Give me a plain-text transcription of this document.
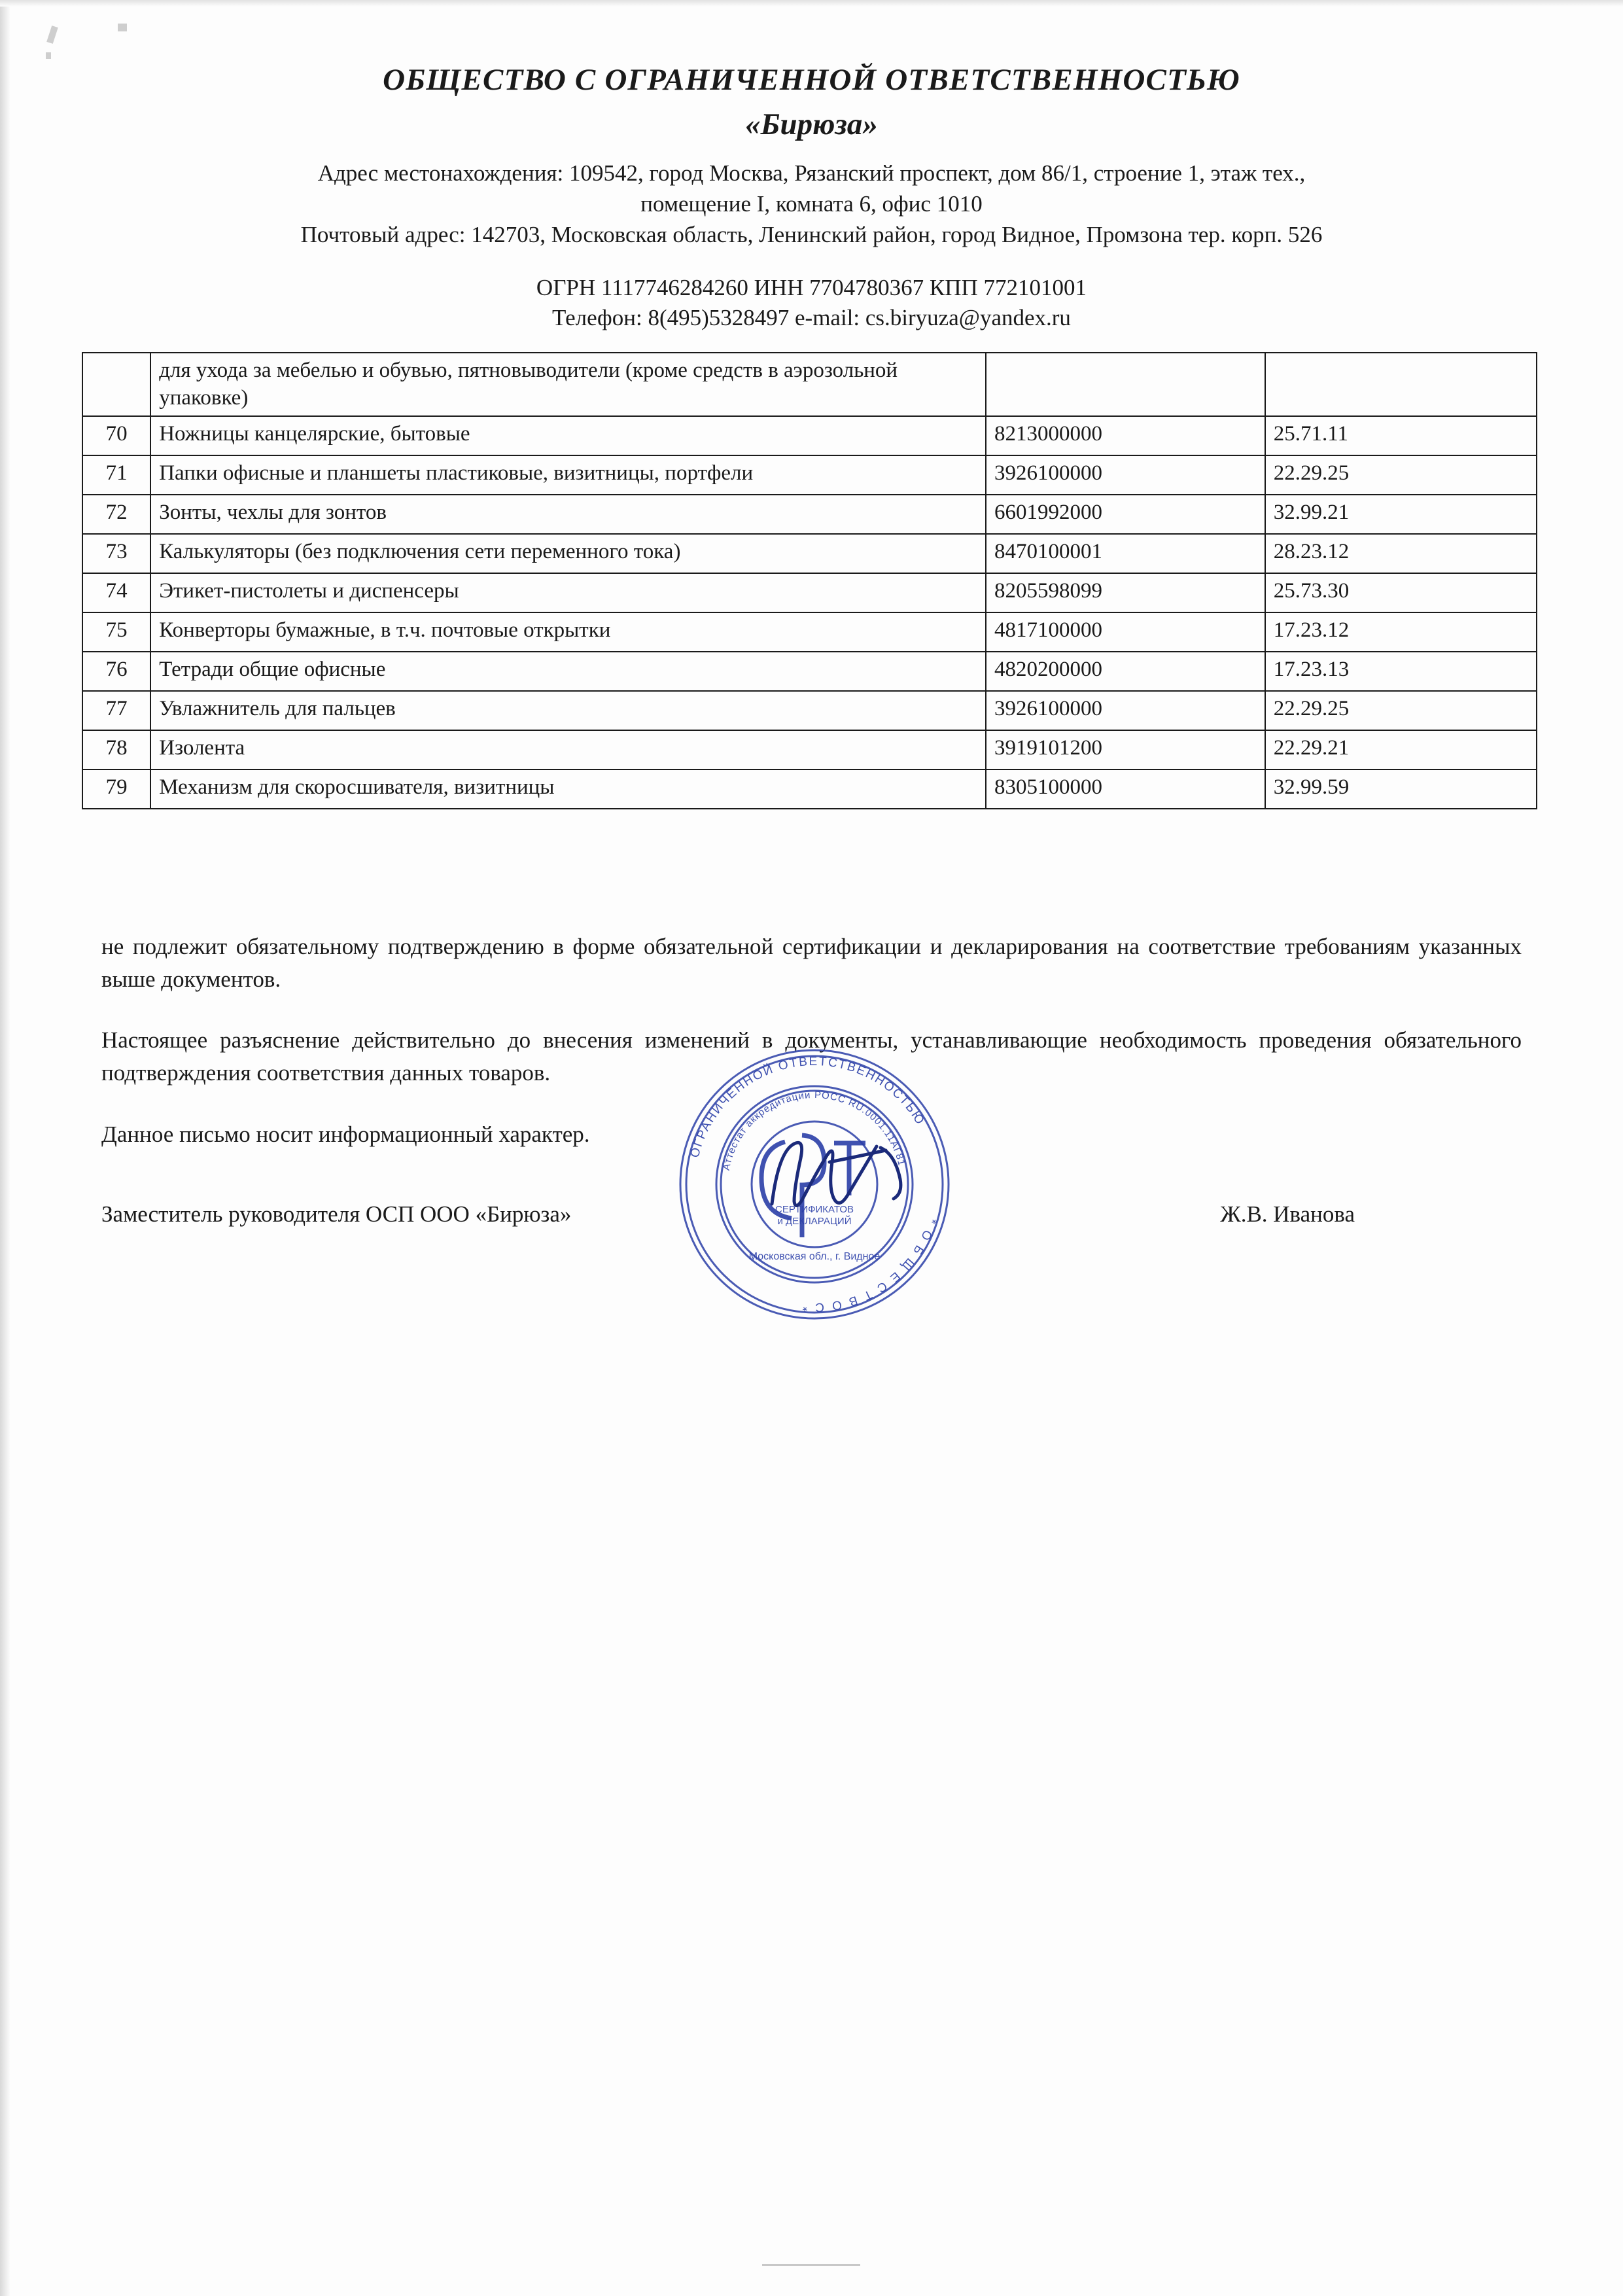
ОБЩЕСТВО С ОГРАНИЧЕННОЙ ОТВЕТСТВЕННОСТЬЮ
«Бирюза»
Адрес местонахождения: 109542, город Москва, Рязанский проспект, дом 86/1, строение 1, этаж тех.,
помещение I, комната 6, офис 1010
Почтовый адрес: 142703, Московская область, Ленинский район, город Видное, Промзона тер. корп. 526
ОГРН 1117746284260 ИНН 7704780367 КПП 772101001
Телефон: 8(495)5328497 e-mail: cs.biryuza@yandex.ru
	для ухода за мебелью и обувью, пятновыводители (кроме средств в аэрозольной упаковке)		
70	Ножницы канцелярские, бытовые	8213000000	25.71.11
71	Папки офисные и планшеты пластиковые, визитницы, портфели	3926100000	22.29.25
72	Зонты, чехлы для зонтов	6601992000	32.99.21
73	Калькуляторы (без подключения сети переменного тока)	8470100001	28.23.12
74	Этикет-пистолеты и диспенсеры	8205598099	25.73.30
75	Конверторы бумажные, в т.ч. почтовые открытки	4817100000	17.23.12
76	Тетради общие офисные	4820200000	17.23.13
77	Увлажнитель для пальцев	3926100000	22.29.25
78	Изолента	3919101200	22.29.21
79	Механизм для скоросшивателя, визитницы	8305100000	32.99.59

не подлежит обязательному подтверждению в форме обязательной сертификации и декларирования на соответствие требованиям указанных выше документов.

Настоящее разъяснение действительно до внесения изменений в документы, устанавливающие необходимость проведения обязательного подтверждения соответствия данных товаров.

Данное письмо носит информационный характер.

Заместитель руководителя ОСП ООО «Бирюза»	Ж.В. Иванова
ОГРАНИЧЕННОЙ ОТВЕТСТВЕННОСТЬЮ
* О Б Щ Е С Т В О С *
Аттестат аккредитации РОСС RU.0001.11АГ81
СЕРТИФИКАТОВ
и ДЕКЛАРАЦИЙ
Московская обл., г. Видное
